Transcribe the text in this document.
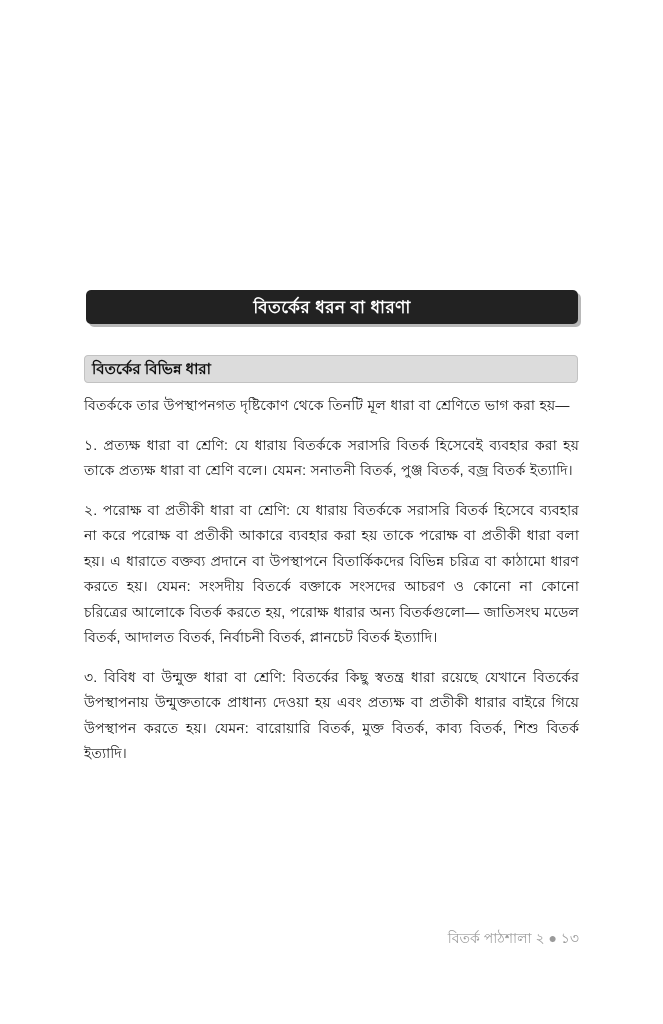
বিতর্কের ধরন বা ধারণা
বিতর্কের বিভিন্ন ধারা

বিতর্ককে তার উপস্থাপনগত দৃষ্টিকোণ থেকে তিনটি মূল ধারা বা শ্রেণিতে ভাগ করা হয়—

১. প্রত্যক্ষ ধারা বা শ্রেণি: যে ধারায় বিতর্ককে সরাসরি বিতর্ক হিসেবেই ব্যবহার করা হয় তাকে প্রত্যক্ষ ধারা বা শ্রেণি বলে। যেমন: সনাতনী বিতর্ক, পুঞ্জ বিতর্ক, বজ্র বিতর্ক ইত্যাদি।

২. পরোক্ষ বা প্রতীকী ধারা বা শ্রেণি: যে ধারায় বিতর্ককে সরাসরি বিতর্ক হিসেবে ব্যবহার না করে পরোক্ষ বা প্রতীকী আকারে ব্যবহার করা হয় তাকে পরোক্ষ বা প্রতীকী ধারা বলা হয়। এ ধারাতে বক্তব্য প্রদানে বা উপস্থাপনে বিতার্কিকদের বিভিন্ন চরিত্র বা কাঠামো ধারণ করতে হয়। যেমন: সংসদীয় বিতর্কে বক্তাকে সংসদের আচরণ ও কোনো না কোনো চরিত্রের আলোকে বিতর্ক করতে হয়, পরোক্ষ ধারার অন্য বিতর্কগুলো— জাতিসংঘ মডেল বিতর্ক, আদালত বিতর্ক, নির্বাচনী বিতর্ক, প্লানচেট বিতর্ক ইত্যাদি।

৩. বিবিধ বা উন্মুক্ত ধারা বা শ্রেণি: বিতর্কের কিছু স্বতন্ত্র ধারা রয়েছে যেখানে বিতর্কের উপস্থাপনায় উন্মুক্ততাকে প্রাধান্য দেওয়া হয় এবং প্রত্যক্ষ বা প্রতীকী ধারার বাইরে গিয়ে উপস্থাপন করতে হয়। যেমন: বারোয়ারি বিতর্ক, মুক্ত বিতর্ক, কাব্য বিতর্ক, শিশু বিতর্ক ইত্যাদি।

বিতর্ক পাঠশালা ২ ● ১৩
